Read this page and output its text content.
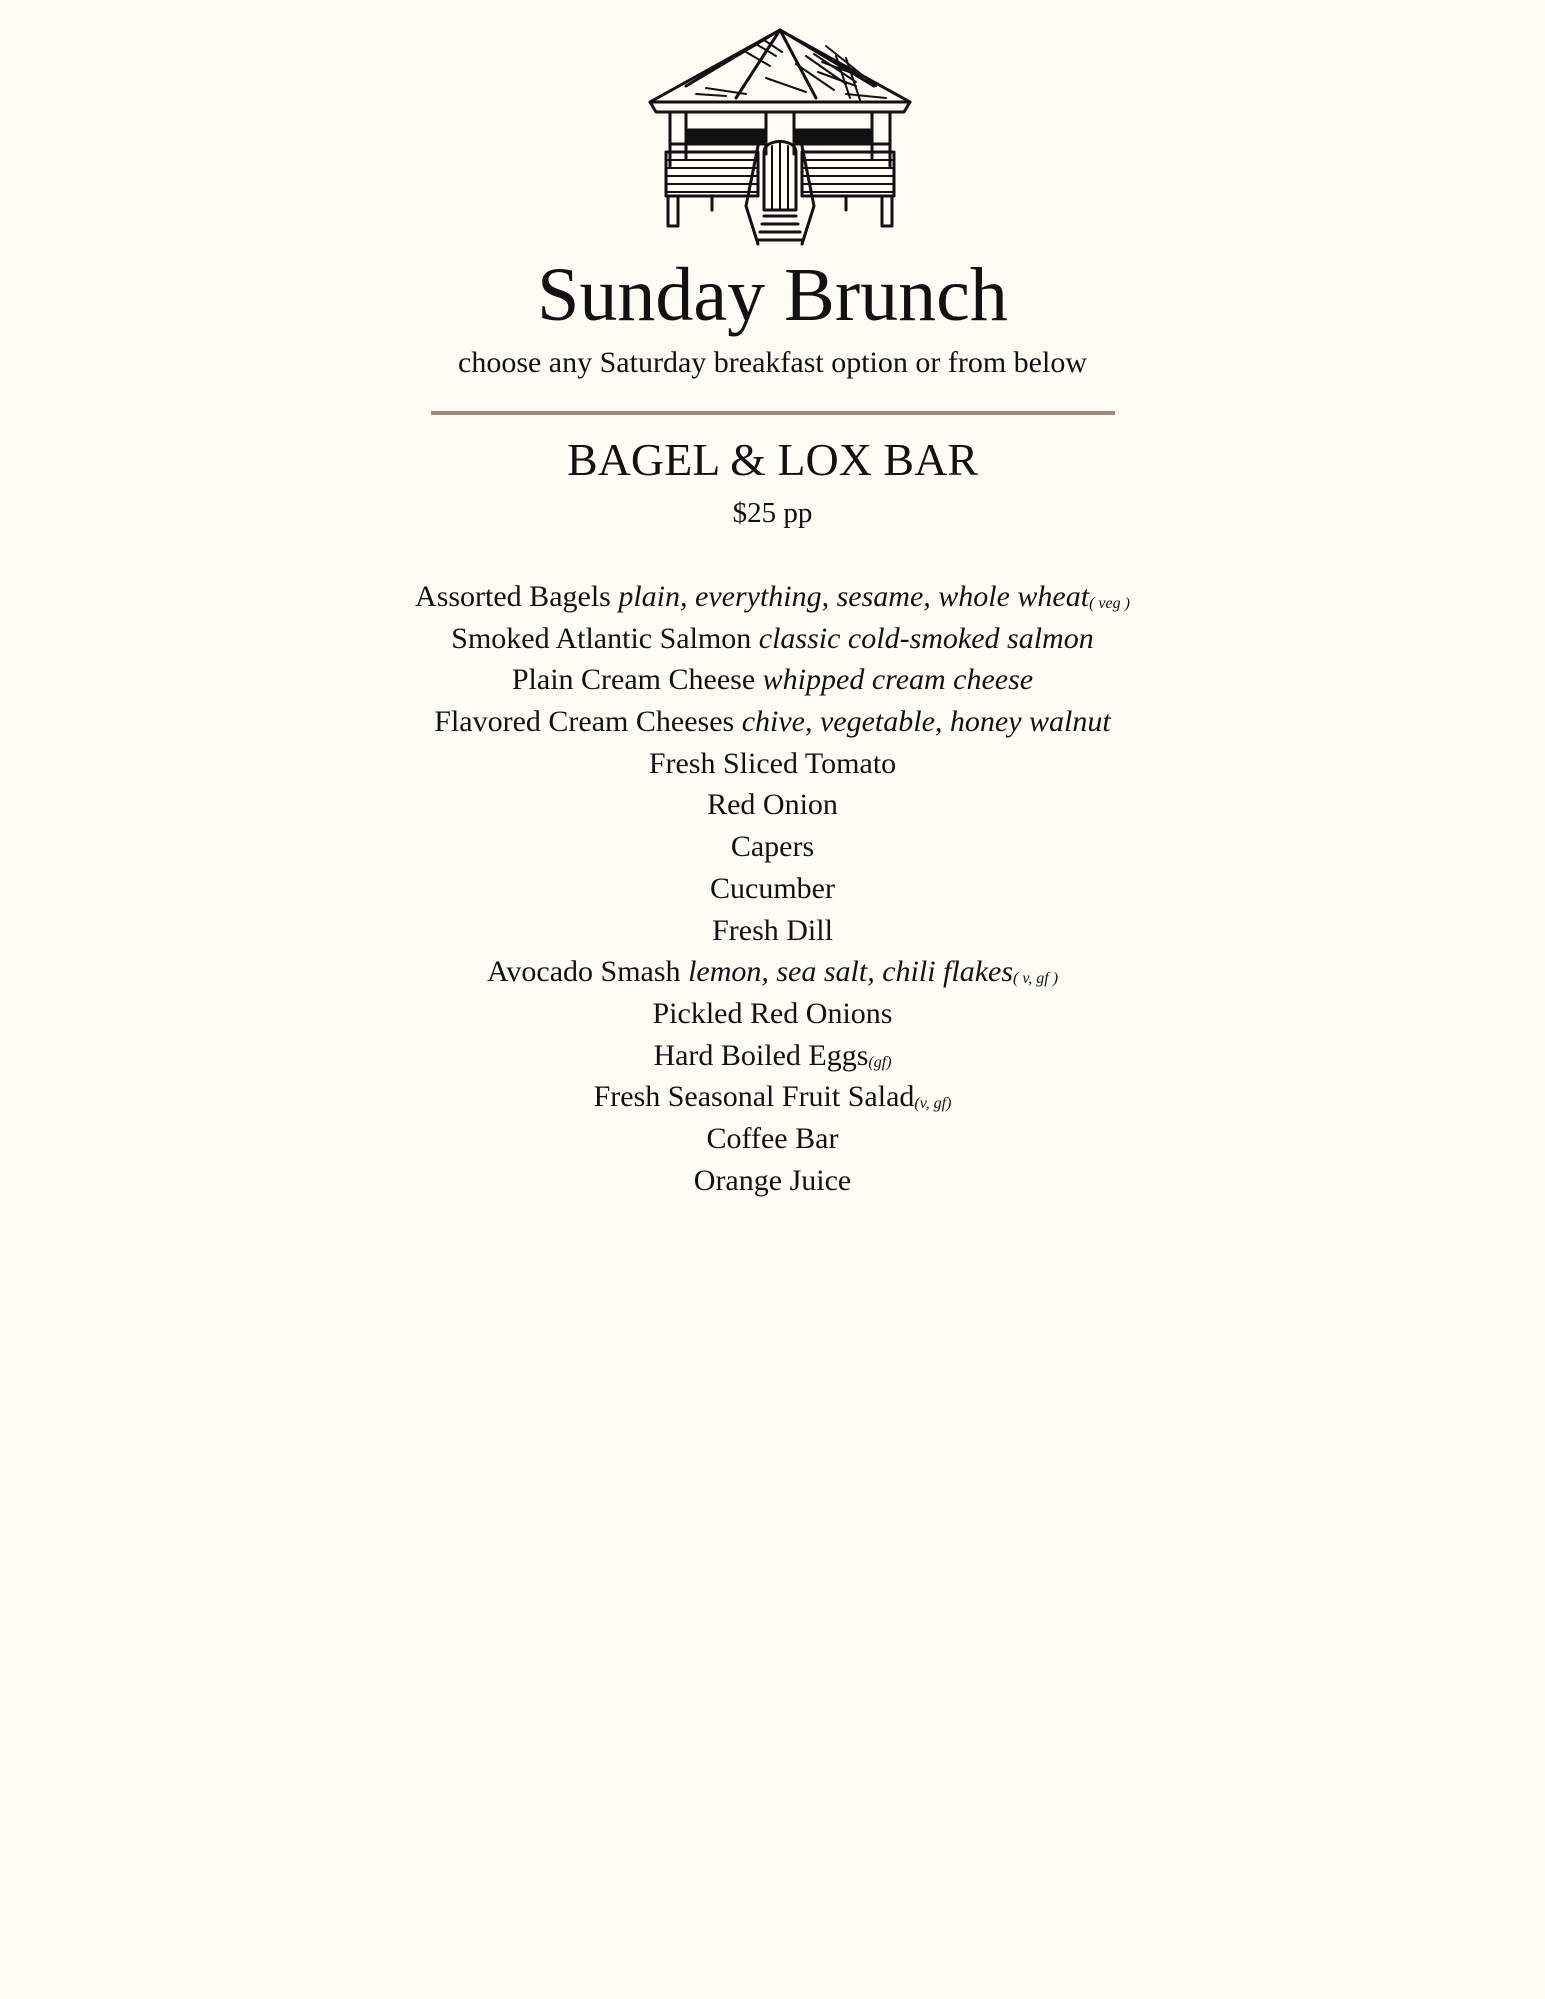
Sunday Brunch
choose any Saturday breakfast option or from below
BAGEL & LOX BAR
$25 pp
Assorted Bagels plain, everything, sesame, whole wheat( veg )
Smoked Atlantic Salmon classic cold-smoked salmon
Plain Cream Cheese whipped cream cheese
Flavored Cream Cheeses chive, vegetable, honey walnut
Fresh Sliced Tomato
Red Onion
Capers
Cucumber
Fresh Dill
Avocado Smash lemon, sea salt, chili flakes( v, gf )
Pickled Red Onions
Hard Boiled Eggs(gf)
Fresh Seasonal Fruit Salad(v, gf)
Coffee Bar
Orange Juice
